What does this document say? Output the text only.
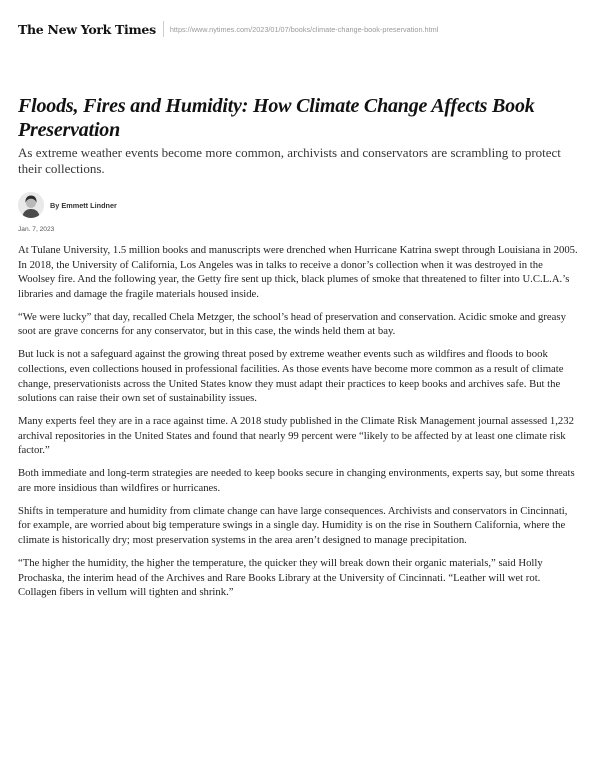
The New York Times https://www.nytimes.com/2023/01/07/books/climate-change-book-preservation.html
Floods, Fires and Humidity: How Climate Change Affects Book Preservation

As extreme weather events become more common, archivists and conservators are scrambling to protect their collections.

By Emmett Lindner
Jan. 7, 2023

At Tulane University, 1.5 million books and manuscripts were drenched when Hurricane Katrina swept through Louisiana in 2005. In 2018, the University of California, Los Angeles was in talks to receive a donor’s collection when it was destroyed in the Woolsey fire. And the following year, the Getty fire sent up thick, black plumes of smoke that threatened to filter into U.C.L.A.’s libraries and damage the fragile materials housed inside.

“We were lucky” that day, recalled Chela Metzger, the school’s head of preservation and conservation. Acidic smoke and greasy soot are grave concerns for any conservator, but in this case, the winds held them at bay.

But luck is not a safeguard against the growing threat posed by extreme weather events such as wildfires and floods to book collections, even collections housed in professional facilities. As those events have become more common as a result of climate change, preservationists across the United States know they must adapt their practices to keep books and archives safe. But the solutions can raise their own set of sustainability issues.

Many experts feel they are in a race against time. A 2018 study published in the Climate Risk Management journal assessed 1,232 archival repositories in the United States and found that nearly 99 percent were “likely to be affected by at least one climate risk factor.”

Both immediate and long-term strategies are needed to keep books secure in changing environments, experts say, but some threats are more insidious than wildfires or hurricanes.

Shifts in temperature and humidity from climate change can have large consequences. Archivists and conservators in Cincinnati, for example, are worried about big temperature swings in a single day. Humidity is on the rise in Southern California, where the climate is historically dry; most preservation systems in the area aren’t designed to manage precipitation.

“The higher the humidity, the higher the temperature, the quicker they will break down their organic materials,” said Holly Prochaska, the interim head of the Archives and Rare Books Library at the University of Cincinnati. “Leather will wet rot. Collagen fibers in vellum will tighten and shrink.”
